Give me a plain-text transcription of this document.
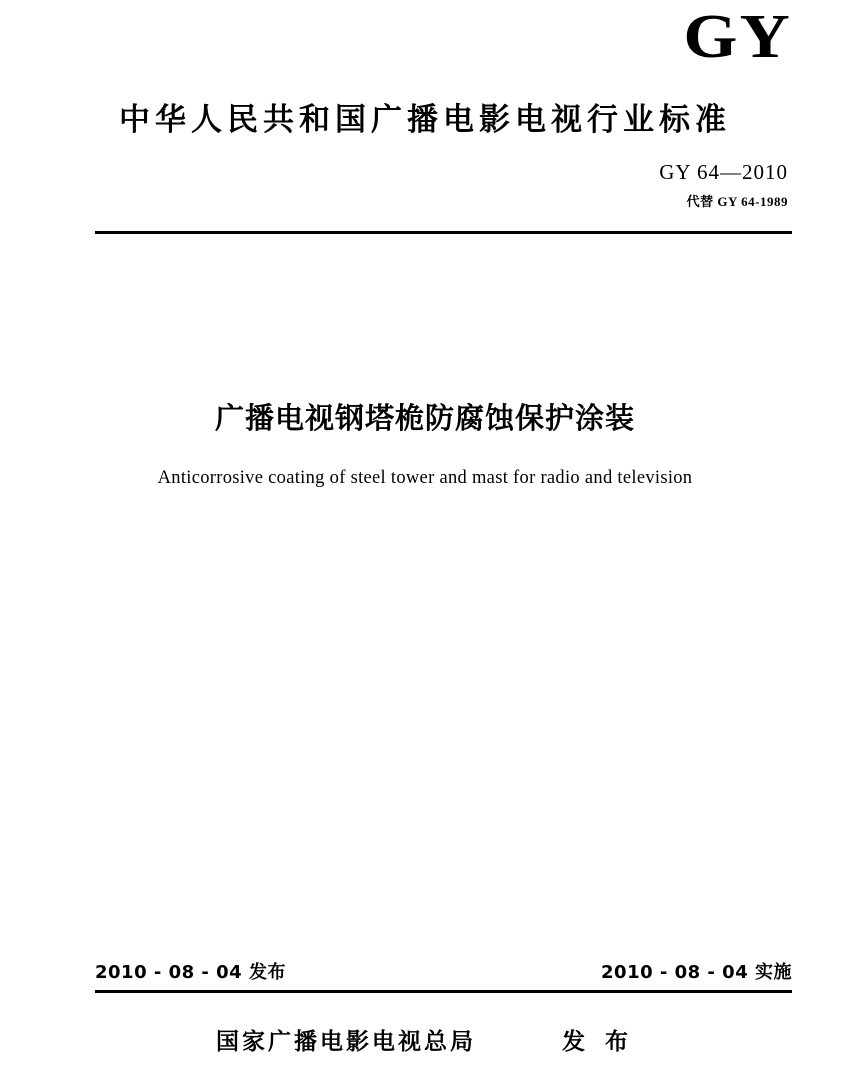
GY
中华人民共和国广播电影电视行业标准
GY 64—2010
代替 GY 64-1989
广播电视钢塔桅防腐蚀保护涂装
Anticorrosive coating of steel tower and mast for radio and television
2010 - 08 - 04 发布	2010 - 08 - 04 实施
国家广播电影电视总局	发 布
